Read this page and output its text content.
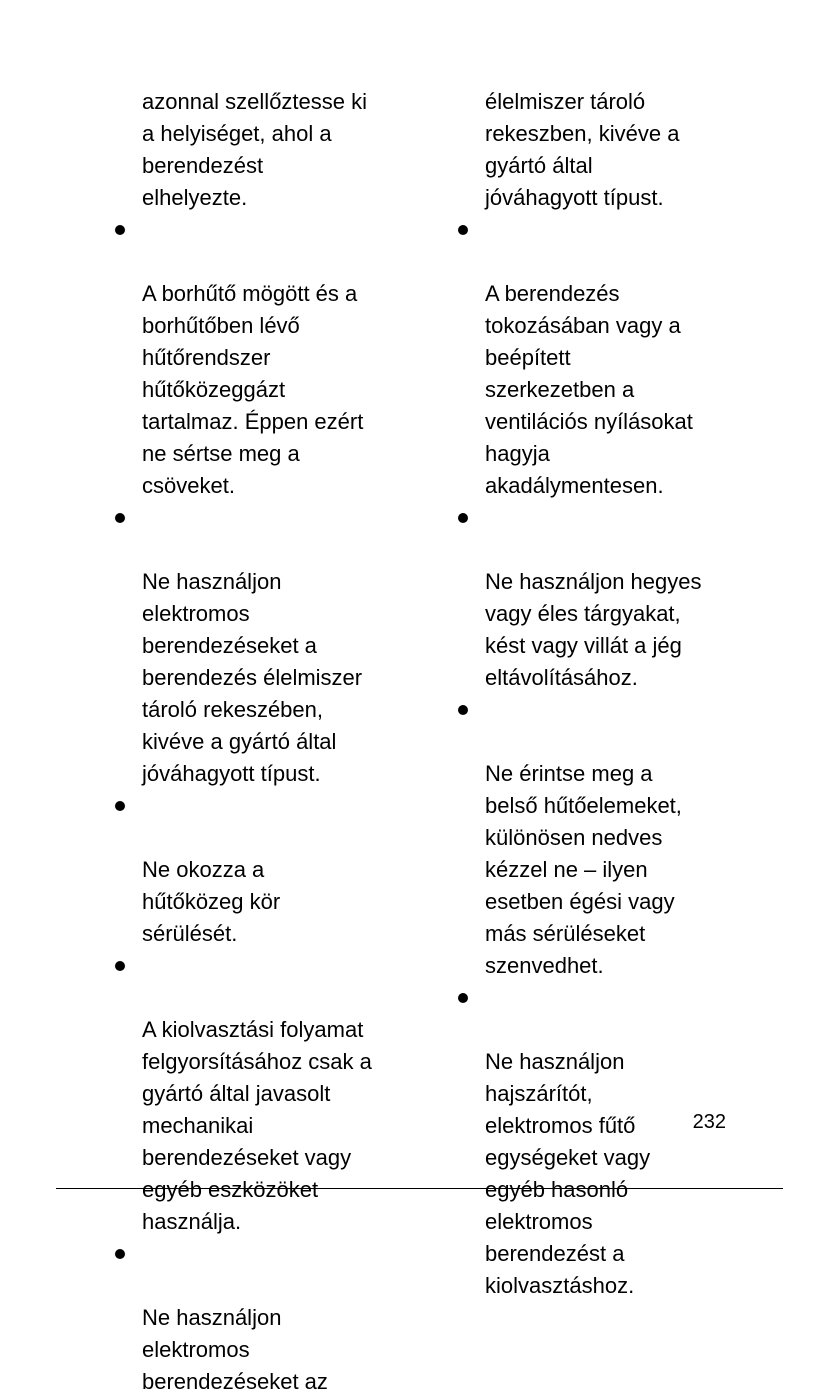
azonnal szellőztesse ki
a helyiséget, ahol a
berendezést
elhelyezte.

A borhűtő mögött és a
borhűtőben lévő
hűtőrendszer
hűtőközeggázt
tartalmaz. Éppen ezért
ne sértse meg a
csöveket.

Ne használjon
elektromos
berendezéseket a
berendezés élelmiszer
tároló rekeszében,
kivéve a gyártó által
jóváhagyott típust.

Ne okozza a
hűtőközeg kör
sérülését.

A kiolvasztási folyamat
felgyorsításához csak a
gyártó által javasolt
mechanikai
berendezéseket vagy
egyéb eszközöket
használja.

Ne használjon
elektromos
berendezéseket az

élelmiszer tároló
rekeszben, kivéve a
gyártó által
jóváhagyott típust.

A berendezés
tokozásában vagy a
beépített
szerkezetben a
ventilációs nyílásokat
hagyja
akadálymentesen.

Ne használjon hegyes
vagy éles tárgyakat,
kést vagy villát a jég
eltávolításához.

Ne érintse meg a
belső hűtőelemeket,
különösen nedves
kézzel ne – ilyen
esetben égési vagy
más sérüléseket
szenvedhet.

Ne használjon
hajszárítót,
elektromos fűtő
egységeket vagy
egyéb hasonló
elektromos
berendezést a
kiolvasztáshoz.

232
